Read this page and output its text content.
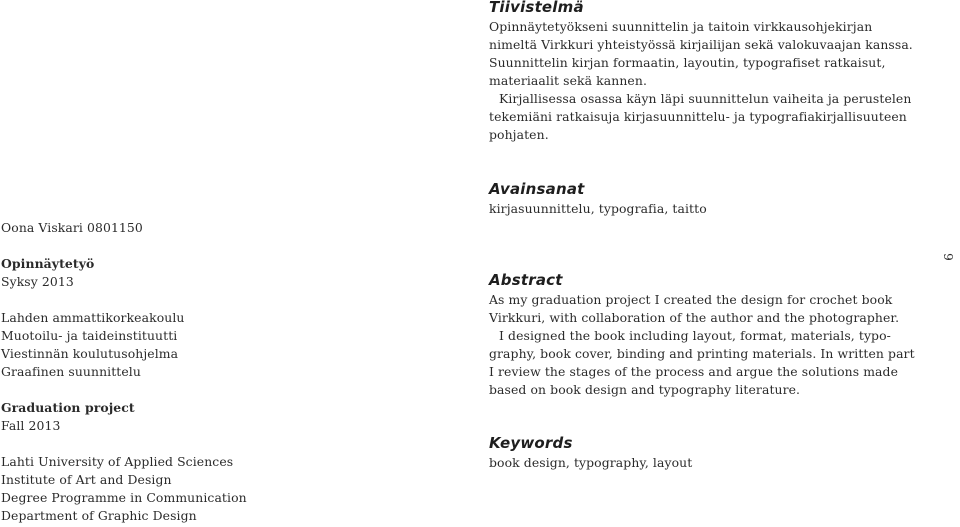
Tiivistelmä
Opinnäytetyökseni suunnittelin ja taitoin virkkausohjekirjan
nimeltä Virkkuri yhteistyössä kirjailijan sekä valokuvaajan kanssa.
Suunnittelin kirjan formaatin, layoutin, typografiset ratkaisut,
materiaalit sekä kannen.
Kirjallisessa osassa käyn läpi suunnittelun vaiheita ja perustelen
tekemiäni ratkaisuja kirjasuunnittelu- ja typografiakirjallisuuteen
pohjaten.
Avainsanat
kirjasuunnittelu, typografia, taitto
Abstract
As my graduation project I created the design for crochet book
Virkkuri, with collaboration of the author and the photographer.
I designed the book including layout, format, materials, typo-
graphy, book cover, binding and printing materials. In written part
I review the stages of the process and argue the solutions made
based on book design and typography literature.
Keywords
book design, typography, layout
Oona Viskari 0801150
Opinnäytetyö
Syksy 2013
Lahden ammattikorkeakoulu
Muotoilu- ja taideinstituutti
Viestinnän koulutusohjelma
Graafinen suunnittelu
Graduation project
Fall 2013
Lahti University of Applied Sciences
Institute of Art and Design
Degree Programme in Communication
Department of Graphic Design
9
